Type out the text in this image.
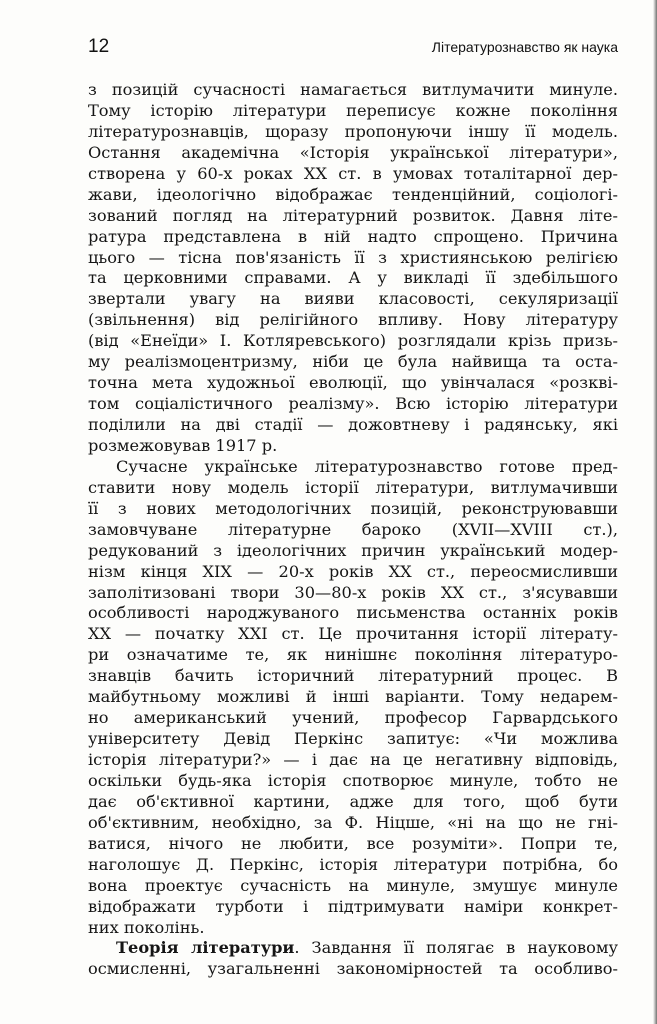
12	Літературознавство як наука
з позицій сучасності намагається витлумачити минуле.
Тому історію літератури переписує кожне покоління
літературознавців, щоразу пропонуючи іншу її модель.
Остання академічна «Історія української літератури»,
створена у 60-х роках XX ст. в умовах тоталітарної дер-
жави, ідеологічно відображає тенденційний, соціологі-
зований погляд на літературний розвиток. Давня літе-
ратура представлена в ній надто спрощено. Причина
цього — тісна пов'язаність її з християнською релігією
та церковними справами. А у викладі її здебільшого
звертали увагу на вияви класовості, секуляризації
(звільнення) від релігійного впливу. Нову літературу
(від «Енеїди» І. Котляревського) розглядали крізь призь-
му реалізмоцентризму, ніби це була найвища та оста-
точна мета художньої еволюції, що увінчалася «розкві-
том соціалістичного реалізму». Всю історію літератури
поділили на дві стадії — дожовтневу і радянську, які
розмежовував 1917 р.
Сучасне українське літературознавство готове пред-
ставити нову модель історії літератури, витлумачивши
її з нових методологічних позицій, реконструювавши
замовчуване літературне бароко (XVII—XVIII ст.),
редукований з ідеологічних причин український модер-
нізм кінця XIX — 20-х років XX ст., переосмисливши
заполітизовані твори 30—80-х років XX ст., з'ясувавши
особливості народжуваного письменства останніх років
XX — початку XXI ст. Це прочитання історії літерату-
ри означатиме те, як нинішнє покоління літературо-
знавців бачить історичний літературний процес. В
майбутньому можливі й інші варіанти. Тому недарем-
но американський учений, професор Гарвардського
університету Девід Перкінс запитує: «Чи можлива
історія літератури?» — і дає на це негативну відповідь,
оскільки будь-яка історія спотворює минуле, тобто не
дає об'єктивної картини, адже для того, щоб бути
об'єктивним, необхідно, за Ф. Ніцше, «ні на що не гні-
ватися, нічого не любити, все розуміти». Попри те,
наголошує Д. Перкінс, історія літератури потрібна, бо
вона проектує сучасність на минуле, змушує минуле
відображати турботи і підтримувати наміри конкрет-
них поколінь.
Теорія літератури. Завдання її полягає в науковому
осмисленні, узагальненні закономірностей та особливо-
